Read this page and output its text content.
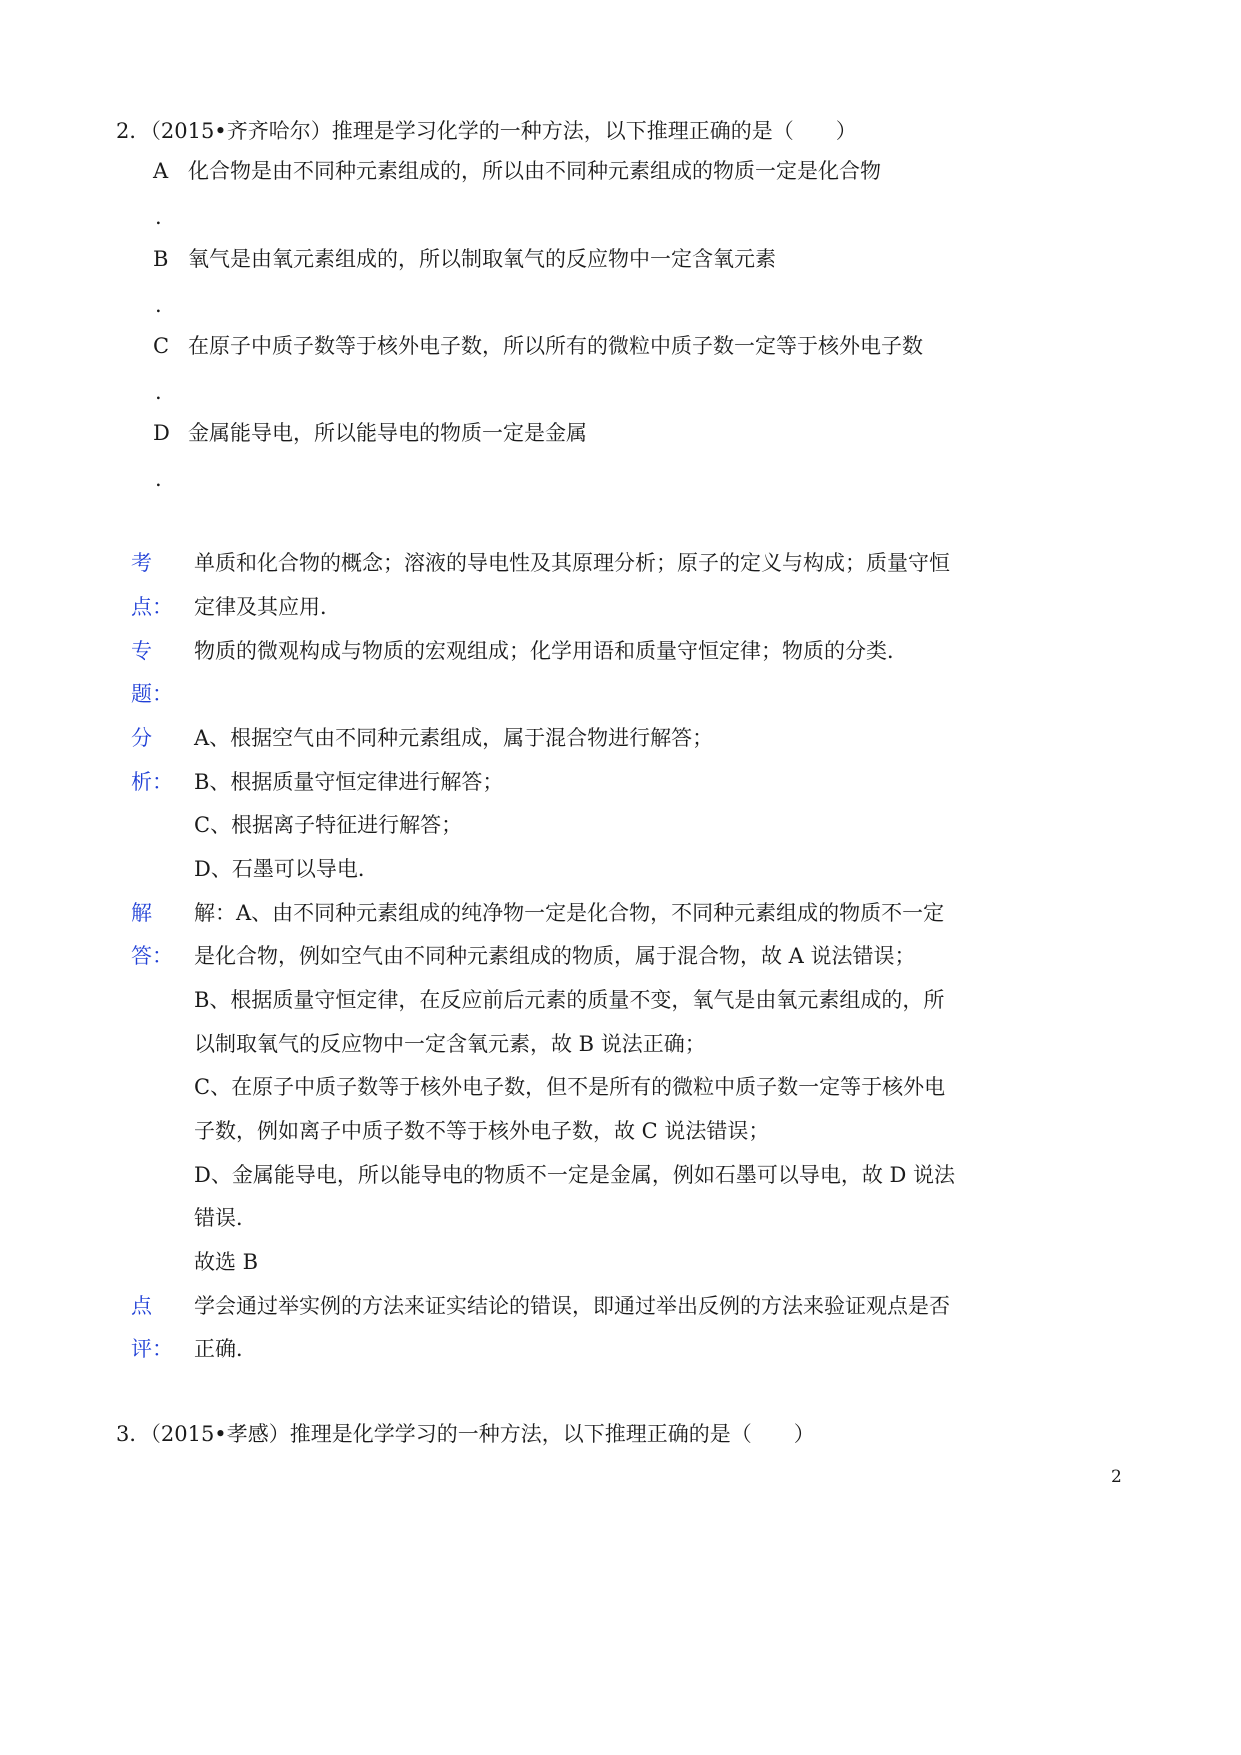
2．（2015•齐齐哈尔）推理是学习化学的一种方法，以下推理正确的是（　　）
A 化合物是由不同种元素组成的，所以由不同种元素组成的物质一定是化合物
.
B 氧气是由氧元素组成的，所以制取氧气的反应物中一定含氧元素
.
C 在原子中质子数等于核外电子数，所以所有的微粒中质子数一定等于核外电子数
.
D 金属能导电，所以能导电的物质一定是金属
.
考
点：
单质和化合物的概念；溶液的导电性及其原理分析；原子的定义与构成；质量守恒
定律及其应用．
专
题：
物质的微观构成与物质的宏观组成；化学用语和质量守恒定律；物质的分类．
分
析：
A、根据空气由不同种元素组成，属于混合物进行解答；
B、根据质量守恒定律进行解答；
C、根据离子特征进行解答；
D、石墨可以导电．
解
答：
解：A、由不同种元素组成的纯净物一定是化合物，不同种元素组成的物质不一定
是化合物，例如空气由不同种元素组成的物质，属于混合物，故 A 说法错误；
B、根据质量守恒定律，在反应前后元素的质量不变，氧气是由氧元素组成的，所
以制取氧气的反应物中一定含氧元素，故 B 说法正确；
C、在原子中质子数等于核外电子数，但不是所有的微粒中质子数一定等于核外电
子数，例如离子中质子数不等于核外电子数，故 C 说法错误；
D、金属能导电，所以能导电的物质不一定是金属，例如石墨可以导电，故 D 说法
错误．
故选 B
点
评：
学会通过举实例的方法来证实结论的错误，即通过举出反例的方法来验证观点是否
正确．
3．（2015•孝感）推理是化学学习的一种方法，以下推理正确的是（　　）
2
